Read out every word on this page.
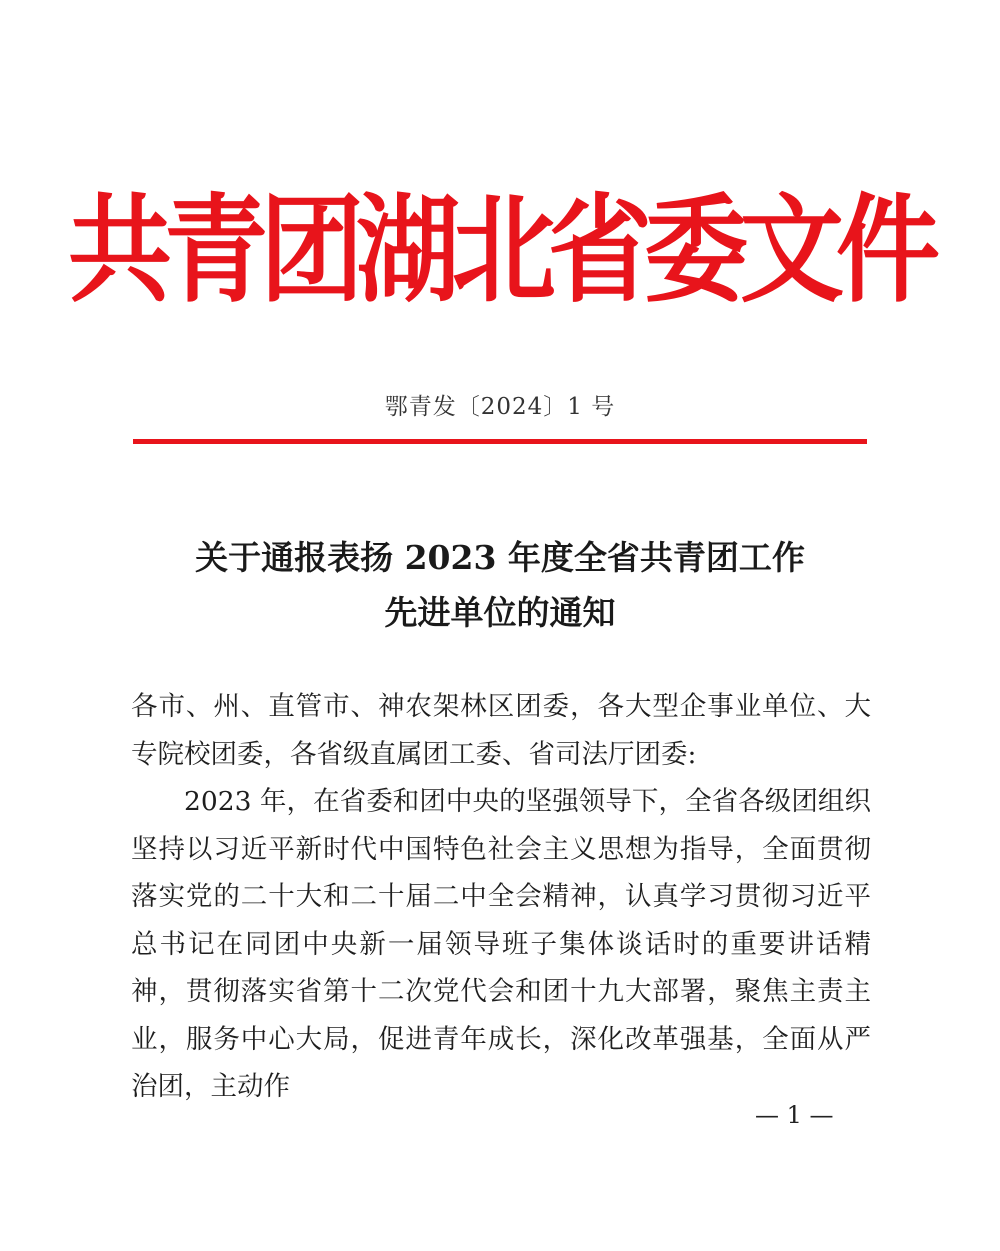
共青团湖北省委文件
鄂青发〔2024〕1 号
关于通报表扬 2023 年度全省共青团工作
先进单位的通知

各市、州、直管市、神农架林区团委，各大型企事业单位、大专院校团委，各省级直属团工委、省司法厅团委:

2023 年，在省委和团中央的坚强领导下，全省各级团组织坚持以习近平新时代中国特色社会主义思想为指导，全面贯彻落实党的二十大和二十届二中全会精神，认真学习贯彻习近平总书记在同团中央新一届领导班子集体谈话时的重要讲话精神，贯彻落实省第十二次党代会和团十九大部署，聚焦主责主业，服务中心大局，促进青年成长，深化改革强基，全面从严治团，主动作

— 1 —
